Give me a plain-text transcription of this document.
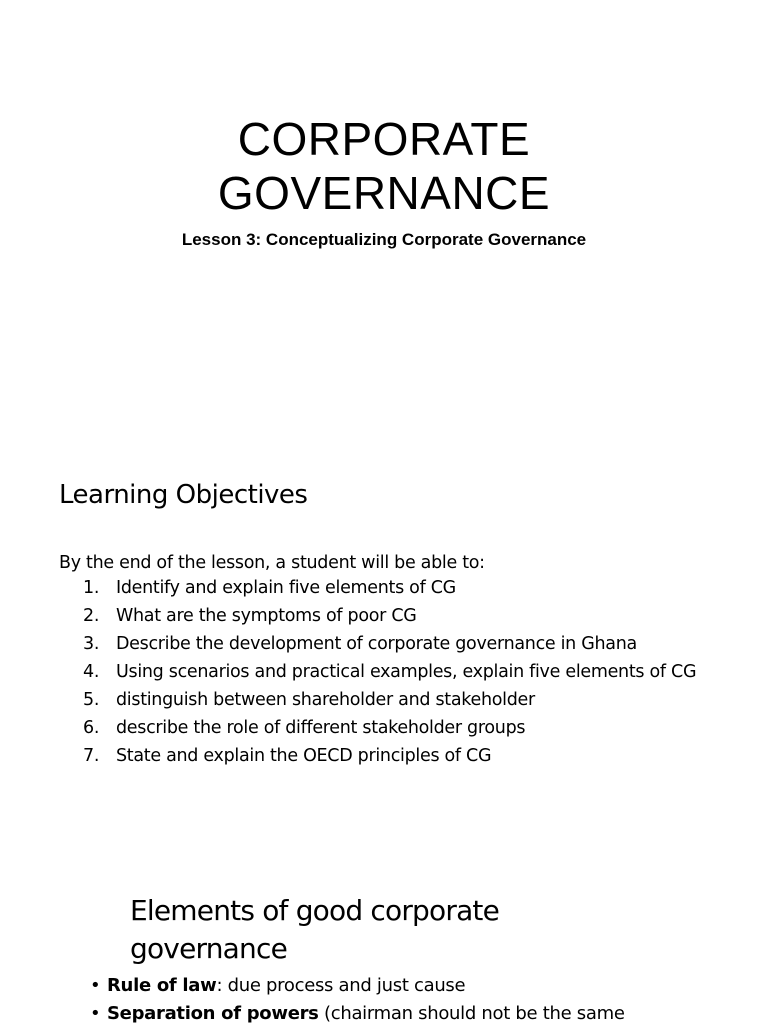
CORPORATE
GOVERNANCE
Lesson 3: Conceptualizing Corporate Governance
Learning Objectives
By the end of the lesson, a student will be able to:
1. Identify and explain five elements of CG
2. What are the symptoms of poor CG
3. Describe the development of corporate governance in Ghana
4. Using scenarios and practical examples, explain five elements of CG
5. distinguish between shareholder and stakeholder
6. describe the role of different stakeholder groups
7. State and explain the OECD principles of CG
Elements of good corporate governance
• Rule of law: due process and just cause
• Separation of powers (chairman should not be the same
